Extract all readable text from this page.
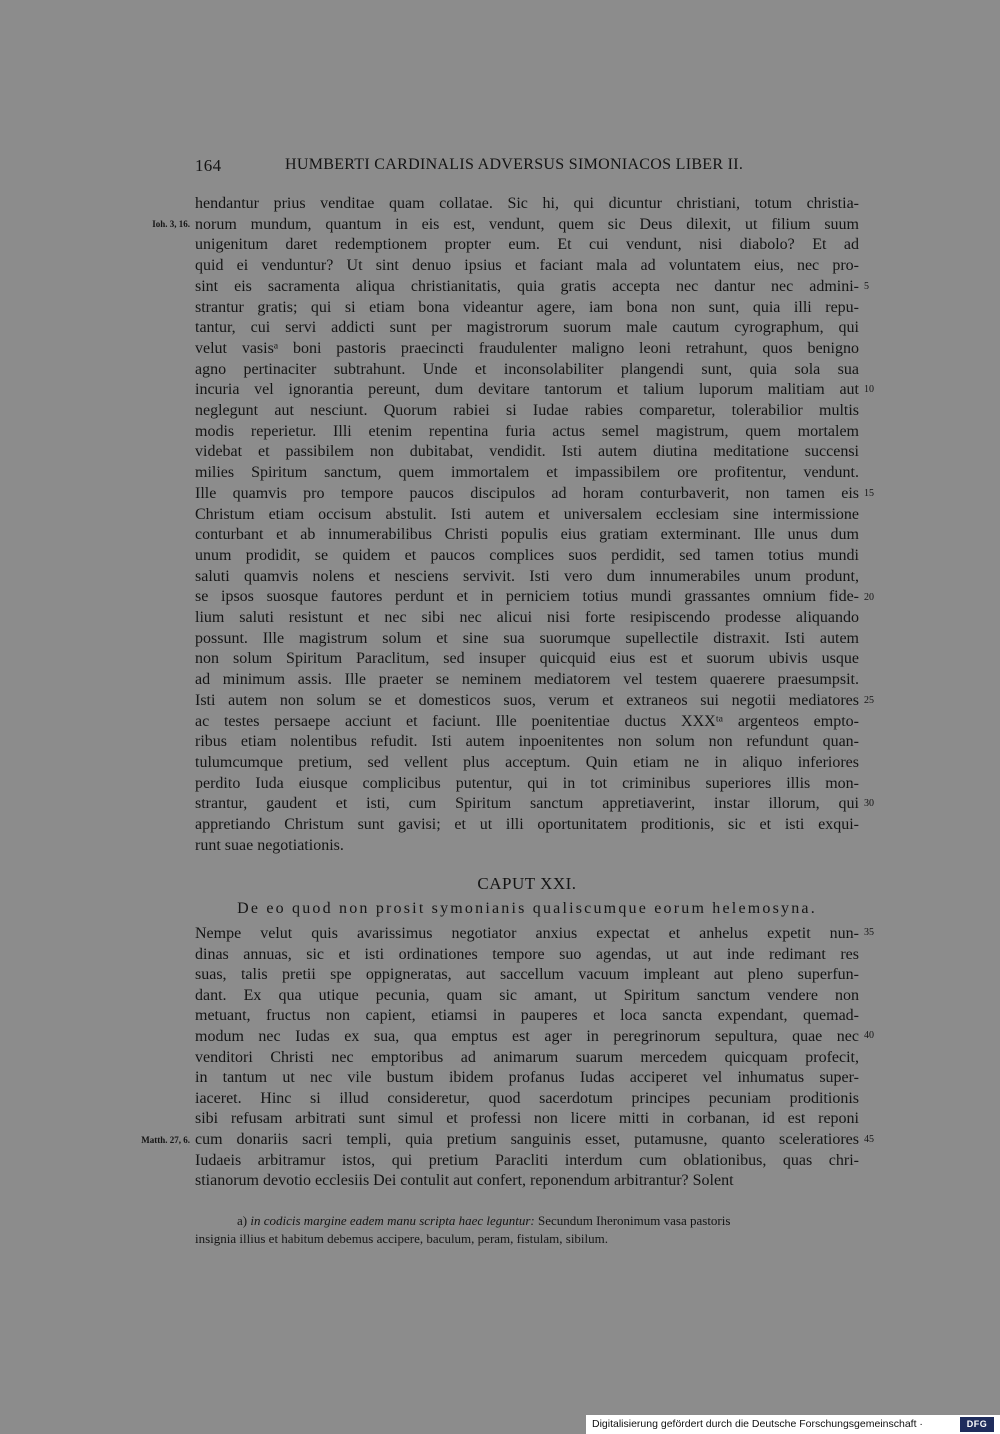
164	HUMBERTI CARDINALIS ADVERSUS SIMONIACOS LIBER II.
hendantur prius venditae quam collatae. Sic hi, qui dicuntur christiani, totum christia-
norum mundum, quantum in eis est, vendunt, quem sic Deus dilexit, ut filium suum
unigenitum daret redemptionem propter eum. Et cui vendunt, nisi diabolo? Et ad
quid ei venduntur? Ut sint denuo ipsius et faciant mala ad voluntatem eius, nec pro-
sint eis sacramenta aliqua christianitatis, quia gratis accepta nec dantur nec admini-
strantur gratis; qui si etiam bona videantur agere, iam bona non sunt, quia illi repu-
tantur, cui servi addicti sunt per magistrorum suorum male cautum cyrographum, qui
velut vasisᵃ boni pastoris praecincti fraudulenter maligno leoni retrahunt, quos benigno
agno pertinaciter subtrahunt. Unde et inconsolabiliter plangendi sunt, quia sola sua
incuria vel ignorantia pereunt, dum devitare tantorum et talium luporum malitiam aut
neglegunt aut nesciunt. Quorum rabiei si Iudae rabies comparetur, tolerabilior multis
modis reperietur. Illi etenim repentina furia actus semel magistrum, quem mortalem
videbat et passibilem non dubitabat, vendidit. Isti autem diutina meditatione succensi
milies Spiritum sanctum, quem immortalem et impassibilem ore profitentur, vendunt.
Ille quamvis pro tempore paucos discipulos ad horam conturbaverit, non tamen eis
Christum etiam occisum abstulit. Isti autem et universalem ecclesiam sine intermissione
conturbant et ab innumerabilibus Christi populis eius gratiam exterminant. Ille unus dum
unum prodidit, se quidem et paucos complices suos perdidit, sed tamen totius mundi
saluti quamvis nolens et nesciens servivit. Isti vero dum innumerabiles unum produnt,
se ipsos suosque fautores perdunt et in perniciem totius mundi grassantes omnium fide-
lium saluti resistunt et nec sibi nec alicui nisi forte resipiscendo prodesse aliquando
possunt. Ille magistrum solum et sine sua suorumque supellectile distraxit. Isti autem
non solum Spiritum Paraclitum, sed insuper quicquid eius est et suorum ubivis usque
ad minimum assis. Ille praeter se neminem mediatorem vel testem quaerere praesumpsit.
Isti autem non solum se et domesticos suos, verum et extraneos sui negotii mediatores
ac testes persaepe acciunt et faciunt. Ille poenitentiae ductus XXXᵗᵃ argenteos empto-
ribus etiam nolentibus refudit. Isti autem inpoenitentes non solum non refundunt quan-
tulumcumque pretium, sed vellent plus acceptum. Quin etiam ne in aliquo inferiores
perdito Iuda eiusque complicibus putentur, qui in tot criminibus superiores illis mon-
strantur, gaudent et isti, cum Spiritum sanctum appretiaverint, instar illorum, qui
appretiando Christum sunt gavisi; et ut illi oportunitatem proditionis, sic et isti exqui-
runt suae negotiationis.
CAPUT XXI.
De eo quod non prosit symonianis qualiscumque eorum helemosyna.
Nempe velut quis avarissimus negotiator anxius expectat et anhelus expetit nun-
dinas annuas, sic et isti ordinationes tempore suo agendas, ut aut inde redimant res
suas, talis pretii spe oppigneratas, aut saccellum vacuum impleant aut pleno superfun-
dant. Ex qua utique pecunia, quam sic amant, ut Spiritum sanctum vendere non
metuant, fructus non capient, etiamsi in pauperes et loca sancta expendant, quemad-
modum nec Iudas ex sua, qua emptus est ager in peregrinorum sepultura, quae nec
venditori Christi nec emptoribus ad animarum suarum mercedem quicquam profecit,
in tantum ut nec vile bustum ibidem profanus Iudas acciperet vel inhumatus super-
iaceret. Hinc si illud consideretur, quod sacerdotum principes pecuniam proditionis
sibi refusam arbitrati sunt simul et professi non licere mitti in corbanan, id est reponi
cum donariis sacri templi, quia pretium sanguinis esset, putamusne, quanto sceleratiores
Iudaeis arbitramur istos, qui pretium Paracliti interdum cum oblationibus, quas chri-
stianorum devotio ecclesiis Dei contulit aut confert, reponendum arbitrantur? Solent
5
10
15
20
25
30
35
40
45
Ioh. 3, 16.
Matth. 27, 6.
a) in codicis margine eadem manu scripta haec leguntur: Secundum Iheronimum vasa pastoris
insignia illius et habitum debemus accipere, baculum, peram, fistulam, sibilum.
Digitalisierung gefördert durch die Deutsche Forschungsgemeinschaft ·	DFG
